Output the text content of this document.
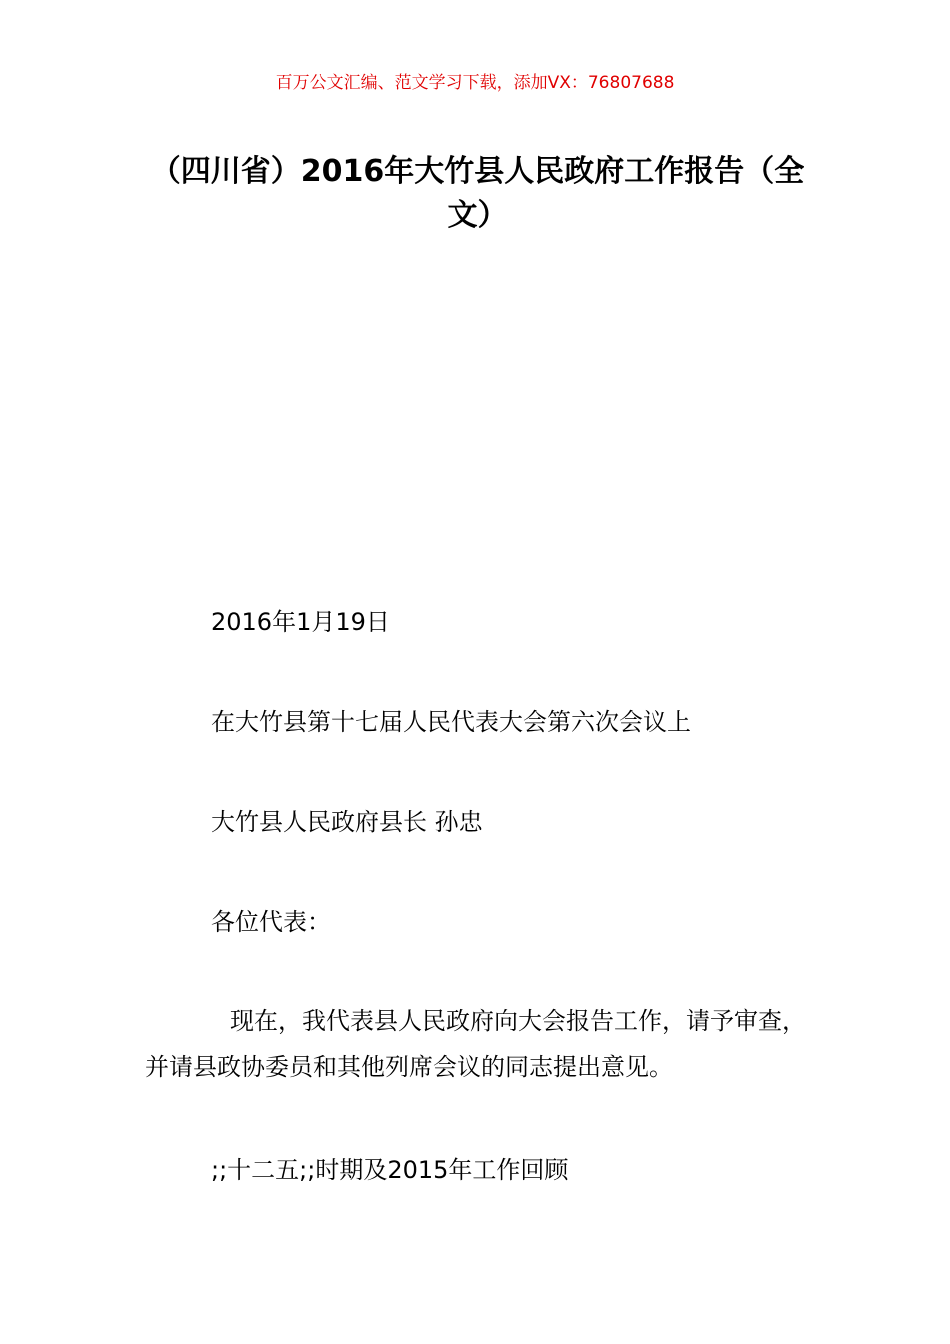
百万公文汇编、范文学习下载，添加VX：76807688
（四川省）2016年大竹县人民政府工作报告（全文）
2016年1月19日
在大竹县第十七届人民代表大会第六次会议上
大竹县人民政府县长 孙忠
各位代表：
现在，我代表县人民政府向大会报告工作，请予审查，并请县政协委员和其他列席会议的同志提出意见。
;;十二五;;时期及2015年工作回顾
